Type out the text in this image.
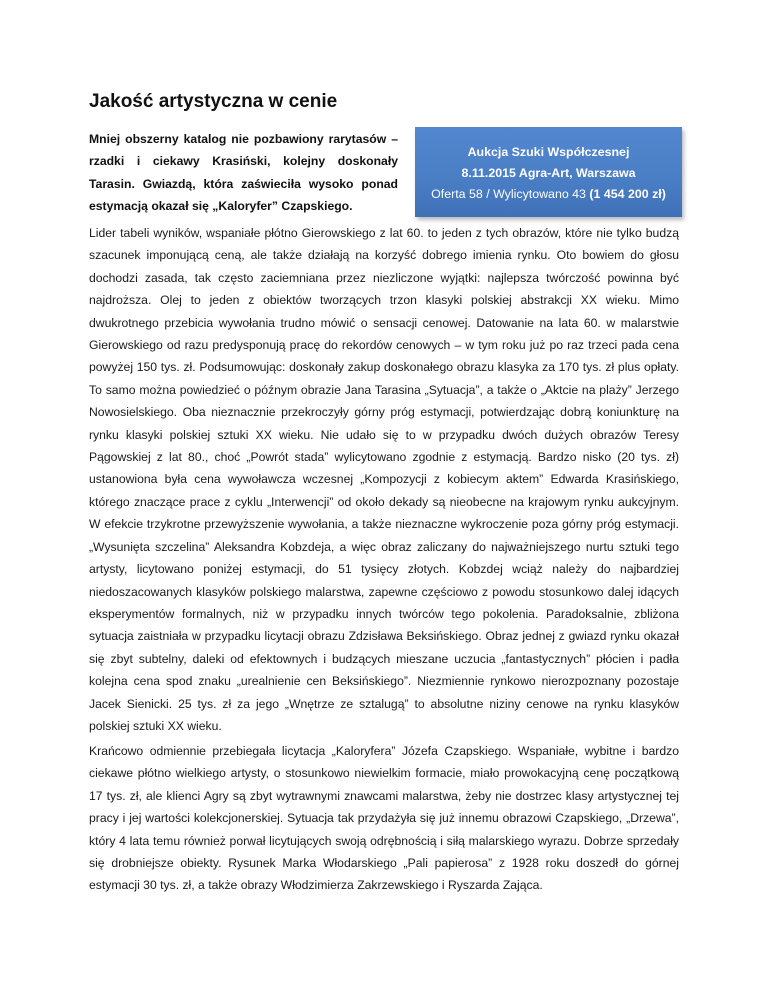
Jakość artystyczna w cenie

Mniej obszerny katalog nie pozbawiony rarytasów – rzadki i ciekawy Krasiński, kolejny doskonały Tarasin. Gwiazdą, która zaświeciła wysoko ponad estymacją okazał się „Kaloryfer” Czapskiego.

Aukcja Szuki Współczesnej
8.11.2015 Agra-Art, Warszawa
Oferta 58 / Wylicytowano 43 (1 454 200 zł)

Lider tabeli wyników, wspaniałe płótno Gierowskiego z lat 60. to jeden z tych obrazów, które nie tylko budzą szacunek imponującą ceną, ale także działają na korzyść dobrego imienia rynku. Oto bowiem do głosu dochodzi zasada, tak często zaciemniana przez niezliczone wyjątki: najlepsza twórczość powinna być najdroższa. Olej to jeden z obiektów tworzących trzon klasyki polskiej abstrakcji XX wieku. Mimo dwukrotnego przebicia wywołania trudno mówić o sensacji cenowej. Datowanie na lata 60. w malarstwie Gierowskiego od razu predysponują pracę do rekordów cenowych – w tym roku już po raz trzeci pada cena powyżej 150 tys. zł. Podsumowując: doskonały zakup doskonałego obrazu klasyka za 170 tys. zł plus opłaty. To samo można powiedzieć o późnym obrazie Jana Tarasina „Sytuacja”, a także o „Aktcie na plaży” Jerzego Nowosielskiego. Oba nieznacznie przekroczyły górny próg estymacji, potwierdzając dobrą koniunkturę na rynku klasyki polskiej sztuki XX wieku. Nie udało się to w przypadku dwóch dużych obrazów Teresy Pągowskiej z lat 80., choć „Powrót stada” wylicytowano zgodnie z estymacją. Bardzo nisko (20 tys. zł) ustanowiona była cena wywoławcza wczesnej „Kompozycji z kobiecym aktem” Edwarda Krasińskiego, którego znaczące prace z cyklu „Interwencji” od około dekady są nieobecne na krajowym rynku aukcyjnym. W efekcie trzykrotne przewyższenie wywołania, a także nieznaczne wykroczenie poza górny próg estymacji. „Wysunięta szczelina” Aleksandra Kobzdeja, a więc obraz zaliczany do najważniejszego nurtu sztuki tego artysty, licytowano poniżej estymacji, do 51 tysięcy złotych. Kobzdej wciąż należy do najbardziej niedoszacowanych klasyków polskiego malarstwa, zapewne częściowo z powodu stosunkowo dalej idących eksperymentów formalnych, niż w przypadku innych twórców tego pokolenia. Paradoksalnie, zbliżona sytuacja zaistniała w przypadku licytacji obrazu Zdzisława Beksińskiego. Obraz jednej z gwiazd rynku okazał się zbyt subtelny, daleki od efektownych i budzących mieszane uczucia „fantastycznych” płócien i padła kolejna cena spod znaku „urealnienie cen Beksińskiego”. Niezmiennie rynkowo nierozpoznany pozostaje Jacek Sienicki. 25 tys. zł za jego „Wnętrze ze sztalugą” to absolutne niziny cenowe na rynku klasyków polskiej sztuki XX wieku.

Krańcowo odmiennie przebiegała licytacja „Kaloryfera” Józefa Czapskiego. Wspaniałe, wybitne i bardzo ciekawe płótno wielkiego artysty, o stosunkowo niewielkim formacie, miało prowokacyjną cenę początkową 17 tys. zł, ale klienci Agry są zbyt wytrawnymi znawcami malarstwa, żeby nie dostrzec klasy artystycznej tej pracy i jej wartości kolekcjonerskiej. Sytuacja tak przydażyła się już innemu obrazowi Czapskiego, „Drzewa”, który 4 lata temu również porwał licytujących swoją odrębnością i siłą malarskiego wyrazu. Dobrze sprzedały się drobniejsze obiekty. Rysunek Marka Włodarskiego „Pali papierosa” z 1928 roku doszedł do górnej estymacji 30 tys. zł, a także obrazy Włodzimierza Zakrzewskiego i Ryszarda Zająca.
